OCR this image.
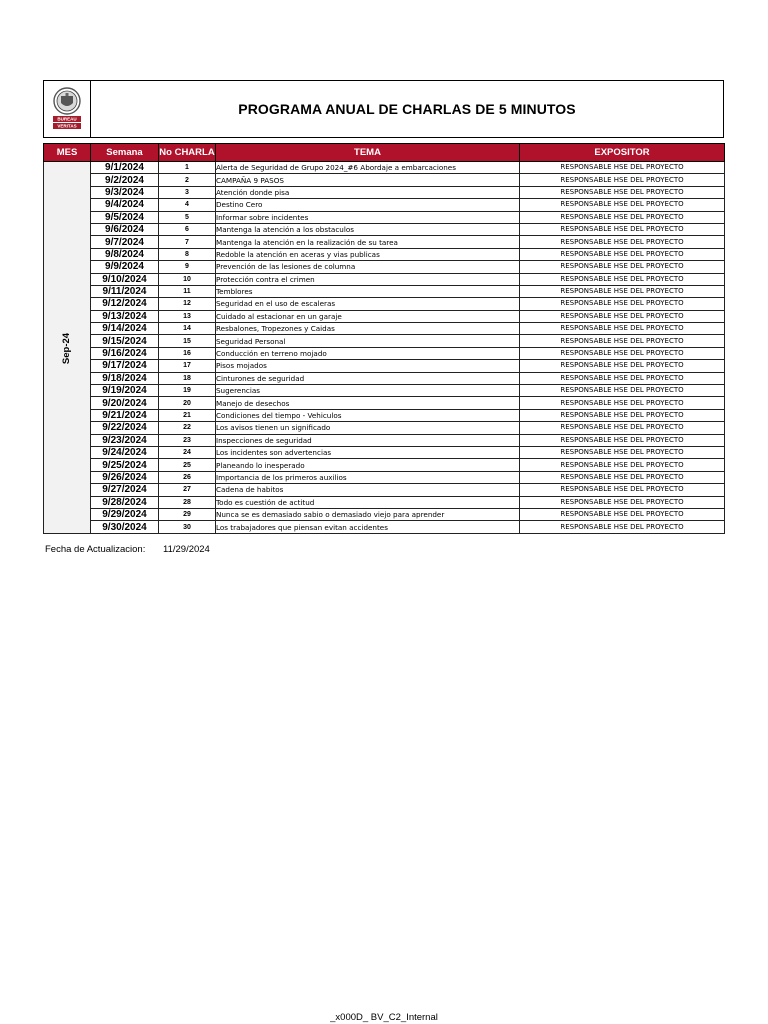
BUREAU
VERITAS
PROGRAMA ANUAL DE CHARLAS DE 5 MINUTOS
MES	Semana	No CHARLA	TEMA	EXPOSITOR
Sep-24	9/1/2024	1	Alerta de Seguridad de Grupo 2024_#6 Abordaje a embarcaciones	RESPONSABLE HSE DEL PROYECTO
	9/2/2024	2	CAMPAÑA 9 PASOS	RESPONSABLE HSE DEL PROYECTO
	9/3/2024	3	Atención donde pisa	RESPONSABLE HSE DEL PROYECTO
	9/4/2024	4	Destino Cero	RESPONSABLE HSE DEL PROYECTO
	9/5/2024	5	Informar sobre incidentes	RESPONSABLE HSE DEL PROYECTO
	9/6/2024	6	Mantenga la atención a los obstaculos	RESPONSABLE HSE DEL PROYECTO
	9/7/2024	7	Mantenga la atención en la realización de su tarea	RESPONSABLE HSE DEL PROYECTO
	9/8/2024	8	Redoble la atención en aceras y vias publicas	RESPONSABLE HSE DEL PROYECTO
	9/9/2024	9	Prevención de las lesiones de columna	RESPONSABLE HSE DEL PROYECTO
	9/10/2024	10	Protección contra el crimen	RESPONSABLE HSE DEL PROYECTO
	9/11/2024	11	Temblores	RESPONSABLE HSE DEL PROYECTO
	9/12/2024	12	Seguridad en el uso de escaleras	RESPONSABLE HSE DEL PROYECTO
	9/13/2024	13	Cuidado al estacionar en un garaje	RESPONSABLE HSE DEL PROYECTO
	9/14/2024	14	Resbalones, Tropezones y Caidas	RESPONSABLE HSE DEL PROYECTO
	9/15/2024	15	Seguridad Personal	RESPONSABLE HSE DEL PROYECTO
	9/16/2024	16	Conducción en terreno mojado	RESPONSABLE HSE DEL PROYECTO
	9/17/2024	17	Pisos mojados	RESPONSABLE HSE DEL PROYECTO
	9/18/2024	18	Cinturones de seguridad	RESPONSABLE HSE DEL PROYECTO
	9/19/2024	19	Sugerencias	RESPONSABLE HSE DEL PROYECTO
	9/20/2024	20	Manejo de desechos	RESPONSABLE HSE DEL PROYECTO
	9/21/2024	21	Condiciones del tiempo - Vehiculos	RESPONSABLE HSE DEL PROYECTO
	9/22/2024	22	Los avisos tienen un significado	RESPONSABLE HSE DEL PROYECTO
	9/23/2024	23	Inspecciones de seguridad	RESPONSABLE HSE DEL PROYECTO
	9/24/2024	24	Los incidentes son advertencias	RESPONSABLE HSE DEL PROYECTO
	9/25/2024	25	Planeando lo inesperado	RESPONSABLE HSE DEL PROYECTO
	9/26/2024	26	Importancia de los primeros auxilios	RESPONSABLE HSE DEL PROYECTO
	9/27/2024	27	Cadena de habitos	RESPONSABLE HSE DEL PROYECTO
	9/28/2024	28	Todo es cuestión de actitud	RESPONSABLE HSE DEL PROYECTO
	9/29/2024	29	Nunca se es demasiado sabio o demasiado viejo para aprender	RESPONSABLE HSE DEL PROYECTO
	9/30/2024	30	Los trabajadores que piensan evitan accidentes	RESPONSABLE HSE DEL PROYECTO
Fecha de Actualizacion: 11/29/2024
_x000D_ BV_C2_Internal
